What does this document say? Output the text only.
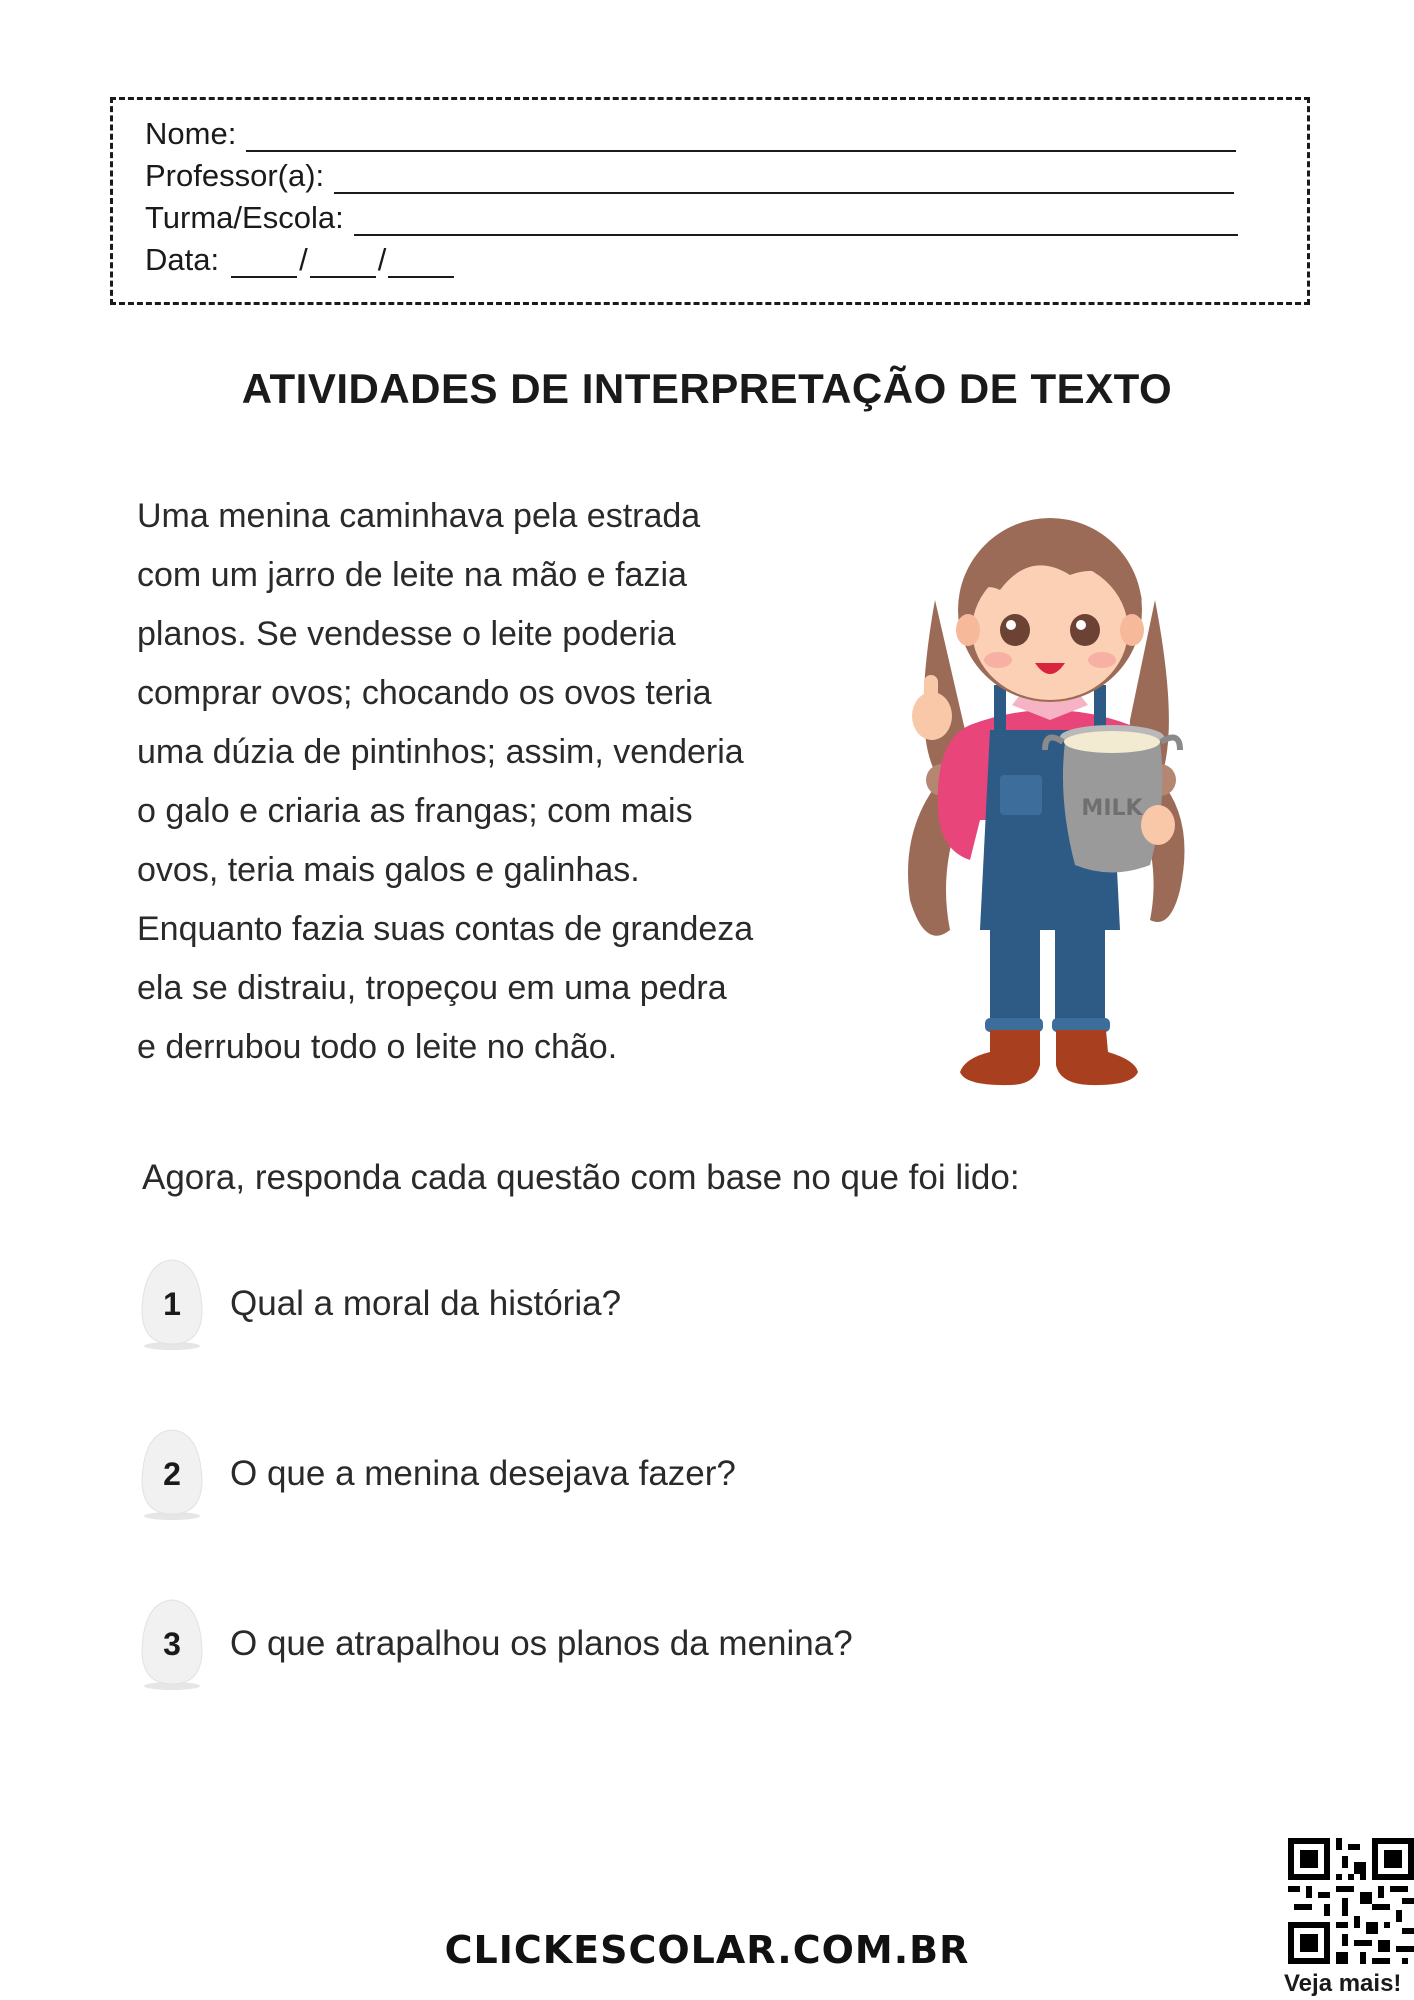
Nome:
Professor(a):
Turma/Escola:
Data:	/ /
ATIVIDADES DE INTERPRETAÇÃO DE TEXTO

Uma menina caminhava pela estrada
com um jarro de leite na mão e fazia
planos. Se vendesse o leite poderia
comprar ovos; chocando os ovos teria
uma dúzia de pintinhos; assim, venderia
o galo e criaria as frangas; com mais
ovos, teria mais galos e galinhas.
Enquanto fazia suas contas de grandeza
ela se distraiu, tropeçou em uma pedra
e derrubou todo o leite no chão.

MILK
Agora, responda cada questão com base no que foi lido:
1	Qual a moral da história?
2	O que a menina desejava fazer?
3	O que atrapalhou os planos da menina?
CLICKESCOLAR.COM.BR
Veja mais!
